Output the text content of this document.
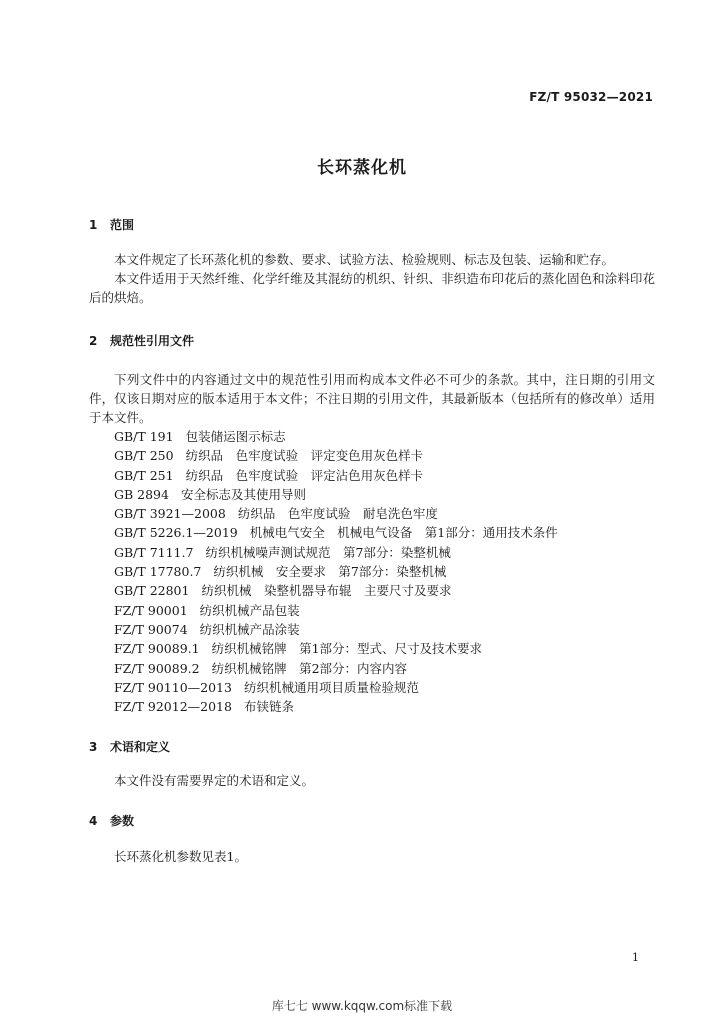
FZ/T 95032—2021
长环蒸化机
1 范围
本文件规定了长环蒸化机的参数、要求、试验方法、检验规则、标志及包装、运输和贮存。
本文件适用于天然纤维、化学纤维及其混纺的机织、针织、非织造布印花后的蒸化固色和涂料印花后的烘焙。
2 规范性引用文件
下列文件中的内容通过文中的规范性引用而构成本文件必不可少的条款。其中，注日期的引用文件，仅该日期对应的版本适用于本文件；不注日期的引用文件，其最新版本（包括所有的修改单）适用于本文件。
GB/T 191 包装储运图示标志
GB/T 250 纺织品　色牢度试验　评定变色用灰色样卡
GB/T 251 纺织品　色牢度试验　评定沾色用灰色样卡
GB 2894 安全标志及其使用导则
GB/T 3921—2008 纺织品　色牢度试验　耐皂洗色牢度
GB/T 5226.1—2019 机械电气安全　机械电气设备　第1部分：通用技术条件
GB/T 7111.7 纺织机械噪声测试规范　第7部分：染整机械
GB/T 17780.7 纺织机械　安全要求　第7部分：染整机械
GB/T 22801 纺织机械　染整机器导布辊　主要尺寸及要求
FZ/T 90001 纺织机械产品包装
FZ/T 90074 纺织机械产品涂装
FZ/T 90089.1 纺织机械铭牌　第1部分：型式、尺寸及技术要求
FZ/T 90089.2 纺织机械铭牌　第2部分：内容内容
FZ/T 90110—2013 纺织机械通用项目质量检验规范
FZ/T 92012—2018 布铗链条
3 术语和定义
本文件没有需要界定的术语和定义。
4 参数
长环蒸化机参数见表1。
1
库七七 www.kqqw.com标准下载
